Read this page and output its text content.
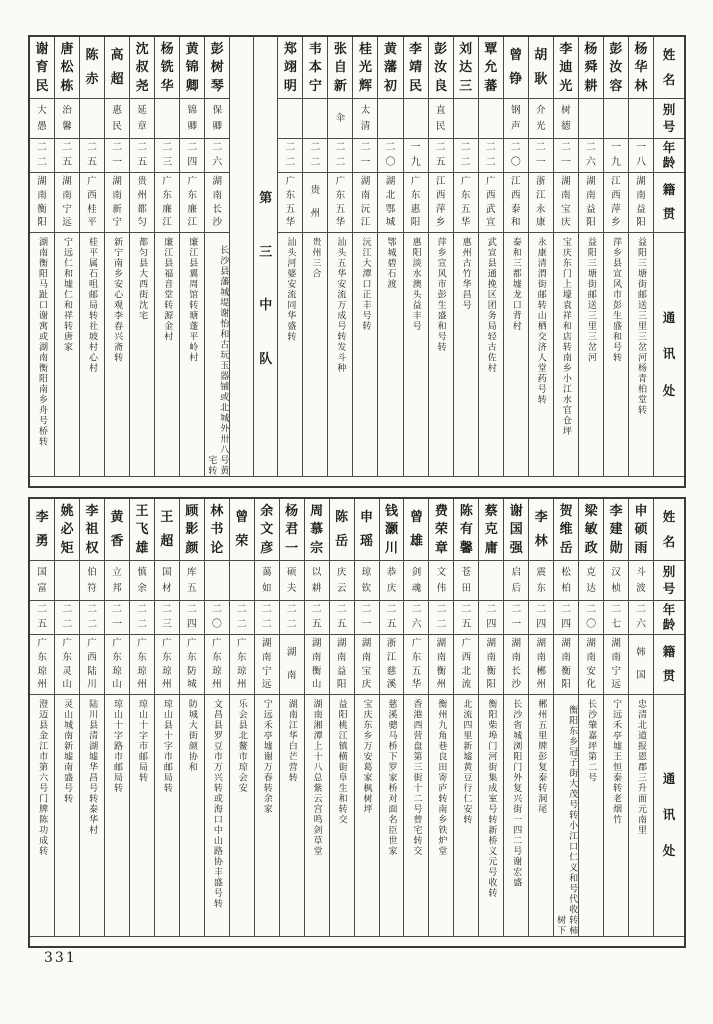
姓
名
别
号
年
龄
籍
贯
通
讯
处
杨
华
林
一
八
湖
南
益
阳
益阳三塘街邮送三里三岔河杨青柏堂转
彭
汝
容
一
九
江
西
萍
乡
萍乡县宣风市彭生盛和号转
杨
舜
耕
二
六
湖
南
益
阳
益阳三塘街邮送三里三岔河
李
迪
光
树
德
二
一
湖
南
宝
庆
宝庆东门上壕袁祥和店转南乡小江水官仓坪
胡
耿
介
光
二
一
浙
江
永
康
永康清渭街邮转山栖交济人堂药号转
曾
铮
钢
声
二
〇
江
西
泰
和
泰和三都墟龙口背村
覃
允
蕃
二
二
广
西
武
宣
武宣县通挽区团务局轻古佐村
刘
达
三
二
二
广
东
五
华
惠州古竹华昌号
彭
汝
良
直
民
二
五
江
西
萍
乡
萍乡宣风市彭生盛和号转
李
靖
民
一
九
广
东
惠
阳
惠阳淡水澳头益丰号
黄
藩
初
二
〇
湖
北
鄂
城
鄂城碧石渡
桂
光
辉
太
清
二
一
湖
南
沅
江
沅江大潭口正丰号转
张
自
新
伞
二
二
广
东
五
华
汕头五华安流万成号转发斗种
韦
本
宁
二
二
贵
州
贵州三合
郑
翊
明
二
二
广
东
五
华
汕头河婆安流同华盛转
第
三
中
队
彭
树
琴
保
卿
二
六
湖
南
长
沙
长沙县藩城堤谢怡和古玩玉器铺或北城外卅八号黄宅转
黄
锦
卿
锦
卿
二
四
广
东
廉
江
廉江县翼周馆转塘蓬平岭村
杨
铣
华
二
三
广
东
廉
江
廉江县福音堂转源金村
沈
叔
尧
延
章
二
五
贵
州
都
匀
都匀县大西街沈宅
高
超
惠
民
二
一
湖
南
新
宁
新宁南乡安心观李春兴斋转
陈
赤
二
五
广
西
桂
平
桂平属石咀邮局转社坡村心村
唐
松
栋
治
馨
二
五
湖
南
宁
远
宁远仁和墟仁和祥转唐家
谢
育
民
大
愚
二
二
湖
南
衡
阳
湖南衡阳马趾口谢寓或湖南衡阳南乡舟号桥转
姓
名
别
号
年
龄
籍
贯
通
讯
处
申
硕
雨
斗
波
二
六
韩
国
忠清北道报恩郡三升面元南里
李
建
勋
汉
桢
二
七
湖
南
宁
远
宁远禾亭墟王恒泰转老烟竹
梁
敏
政
克
达
二
〇
湖
南
安
化
长沙肇嘉坪第二号
贺
维
岳
松
柏
二
四
湖
南
衡
阳
衡阳东乡冠子街大茂号转小江口仁义和号代收转柿树下
李
林
震
东
二
四
湖
南
郴
州
郴州五里牌彭复泰转洞尾
谢
国
强
启
后
二
一
湖
南
长
沙
长沙省城浏阳门外复兴街一四二号谢宏盛
蔡
克
庸
二
四
湖
南
衡
阳
衡阳柴埠门河街集成室号转新桥义元号收转
陈
有
馨
苍
田
二
五
广
西
北
流
北流四里新墟黄豆行仁安转
费
荣
章
文
伟
二
二
湖
南
衡
州
衡州九角巷良田寄庐转南乡铁炉堂
曾
雄
剑
魂
二
六
广
东
五
华
香港西营盘第三街十二号曾宅转交
钱
灏
川
恭
庆
二
五
浙
江
慈
溪
慈溪骢马桥下罗家桥对面名臣世家
申
瑶
琼
钦
二
一
湖
南
宝
庆
宝庆东乡万安葛家枫树坪
陈
岳
庆
云
二
五
湖
南
益
阳
益阳桃江镇横街阜生和转交
周
慕
宗
以
耕
二
五
湖
南
衡
山
湖南湘潭上十八总紫云宫鸣剑草堂
杨
君
一
硕
夫
二
二
湖
南
湖南江华白芒营转
余
文
彦
蔼
如
二
二
湖
南
宁
远
宁远禾亭墟谢万春转余家
曾
荣
二
二
广
东
琼
州
乐会县北鳌市琼会安
林
书
论
二
〇
广
东
琼
州
文昌县罗豆市万兴转或海口中山路协丰盛号转
顾
影
颜
库
五
二
四
广
东
防
城
防城大街颜协和
王
超
国
材
二
三
广
东
琼
州
琼山县十字市邮局转
王
飞
雄
慎
余
二
二
广
东
琼
州
琼山十字市邮局转
黄
香
立
邦
二
一
广
东
琼
山
琼山十字路市邮局转
李
祖
权
伯
符
二
二
广
西
陆
川
陆川县清湖墟华昌号转泰华村
姚
必
矩
二
二
广
东
灵
山
灵山城南新墟南盛号转
李
勇
国
富
二
五
广
东
琼
州
澄迈县金江市第六号门牌陈功成转
331
